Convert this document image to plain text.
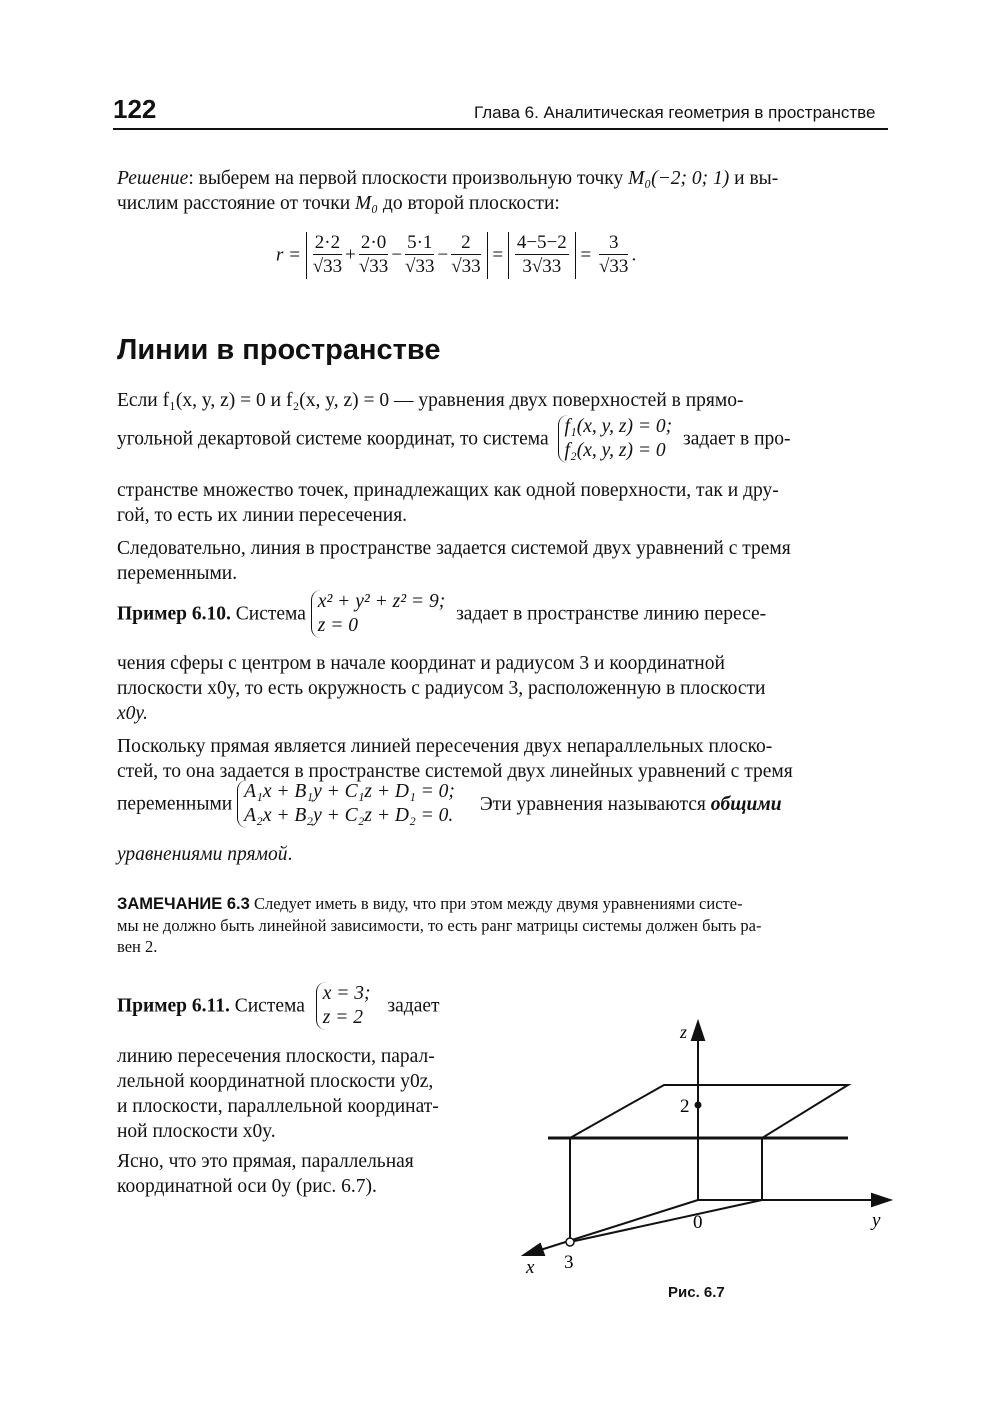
122	Глава 6. Аналитическая геометрия в пространстве
Решение: выберем на первой плоскости произвольную точку M₀(−2; 0; 1) и вы-
числим расстояние от точки M₀ до второй плоскости:
$r = \frac{2\cdot 2}{√33} + \frac{2\cdot 0}{√33} - \frac{5\cdot 1}{√33} - \frac{2}{√33} = \frac{4-5-2}{3√33} = \frac{3}{√33}$ .
Линии в пространстве
Если f₁(x, y, z) = 0 и f₂(x, y, z) = 0 — уравнения двух поверхностей в прямо-
угольной декартовой системе координат, то система
f₁(x, y, z) = 0;
f₂(x, y, z) = 0
задает в про-
странстве множество точек, принадлежащих как одной поверхности, так и дру-
гой, то есть их линии пересечения.
Следовательно, линия в пространстве задается системой двух уравнений с тремя
переменными.
Пример 6.10. Система
x² + y² + z² = 9;
z = 0
задает в пространстве линию пересе-
чения сферы с центром в начале координат и радиусом 3 и координатной
плоскости x0y, то есть окружность с радиусом 3, расположенную в плоскости
x0y.
Поскольку прямая является линией пересечения двух непараллельных плоско-
стей, то она задается в пространстве системой двух линейных уравнений с тремя
переменными
A₁x + B₁y + C₁z + D₁ = 0;
A₂x + B₂y + C₂z + D₂ = 0.
Эти уравнения называются общими
уравнениями прямой.
ЗАМЕЧАНИЕ 6.3 Следует иметь в виду, что при этом между двумя уравнениями систе-
мы не должно быть линейной зависимости, то есть ранг матрицы системы должен быть ра-
вен 2.
Пример 6.11. Система
x = 3;
z = 2
задает
линию пересечения плоскости, парал-
лельной координатной плоскости y0z,
и плоскости, параллельной координат-
ной плоскости x0y.
Ясно, что это прямая, параллельная
координатной оси 0y (рис. 6.7).
z
y
x
0
2
3
Рис. 6.7
